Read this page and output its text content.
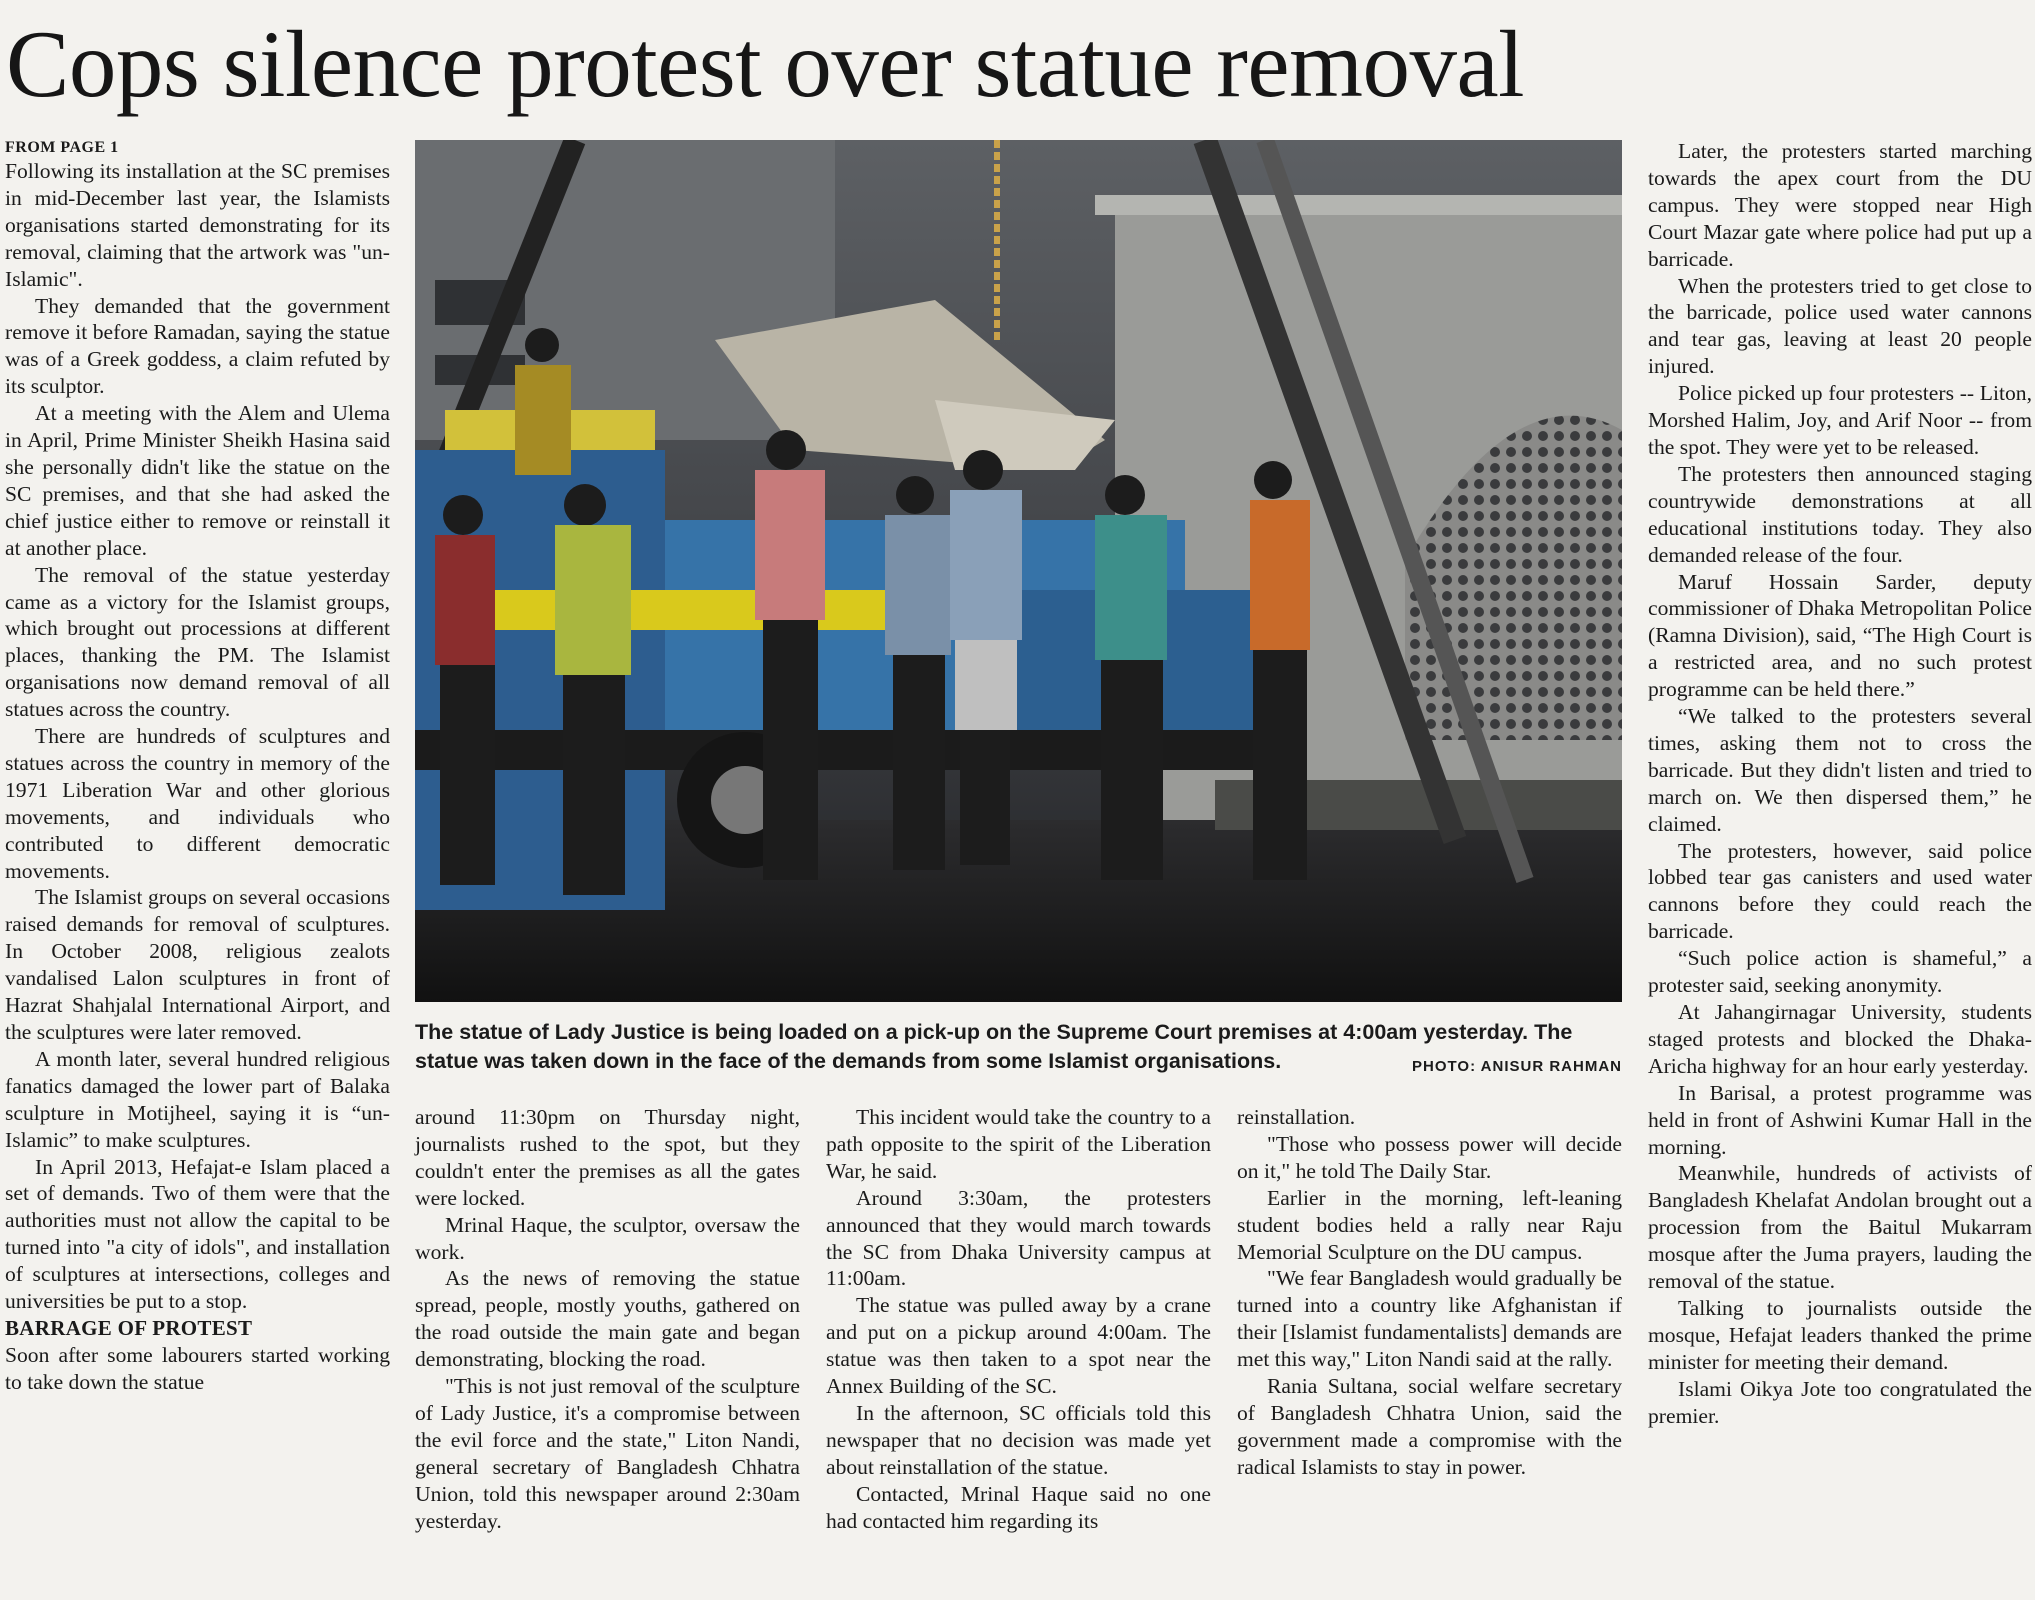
Cops silence protest over statue removal
FROM PAGE 1

Following its installation at the SC premises in mid-December last year, the Islamists organisations started demonstrating for its removal, claiming that the artwork was "un-Islamic".

They demanded that the government remove it before Ramadan, saying the statue was of a Greek goddess, a claim refuted by its sculptor.

At a meeting with the Alem and Ulema in April, Prime Minister Sheikh Hasina said she personally didn't like the statue on the SC premises, and that she had asked the chief justice either to remove or reinstall it at another place.

The removal of the statue yesterday came as a victory for the Islamist groups, which brought out processions at different places, thanking the PM. The Islamist organisations now demand removal of all statues across the country.

There are hundreds of sculptures and statues across the country in memory of the 1971 Liberation War and other glorious movements, and individuals who contributed to different democratic movements.

The Islamist groups on several occasions raised demands for removal of sculptures. In October 2008, religious zealots vandalised Lalon sculptures in front of Hazrat Shahjalal International Airport, and the sculptures were later removed.

A month later, several hundred religious fanatics damaged the lower part of Balaka sculpture in Motijheel, saying it is “un-Islamic” to make sculptures.

In April 2013, Hefajat-e Islam placed a set of demands. Two of them were that the authorities must not allow the capital to be turned into "a city of idols", and installation of sculptures at intersections, colleges and universities be put to a stop.

BARRAGE OF PROTEST

Soon after some labourers started working to take down the statue

The statue of Lady Justice is being loaded on a pick-up on the Supreme Court premises at 4:00am yesterday. The statue was taken down in the face of the demands from some Islamist organisations.	PHOTO: ANISUR RAHMAN

around 11:30pm on Thursday night, journalists rushed to the spot, but they couldn't enter the premises as all the gates were locked.

Mrinal Haque, the sculptor, oversaw the work.

As the news of removing the statue spread, people, mostly youths, gathered on the road outside the main gate and began demonstrating, blocking the road.

"This is not just removal of the sculpture of Lady Justice, it's a compromise between the evil force and the state," Liton Nandi, general secretary of Bangladesh Chhatra Union, told this newspaper around 2:30am yesterday.

This incident would take the country to a path opposite to the spirit of the Liberation War, he said.

Around 3:30am, the protesters announced that they would march towards the SC from Dhaka University campus at 11:00am.

The statue was pulled away by a crane and put on a pickup around 4:00am. The statue was then taken to a spot near the Annex Building of the SC.

In the afternoon, SC officials told this newspaper that no decision was made yet about reinstallation of the statue.

Contacted, Mrinal Haque said no one had contacted him regarding its

reinstallation.

"Those who possess power will decide on it," he told The Daily Star.

Earlier in the morning, left-leaning student bodies held a rally near Raju Memorial Sculpture on the DU campus.

"We fear Bangladesh would gradually be turned into a country like Afghanistan if their [Islamist fundamentalists] demands are met this way," Liton Nandi said at the rally.

Rania Sultana, social welfare secretary of Bangladesh Chhatra Union, said the government made a compromise with the radical Islamists to stay in power.

Later, the protesters started marching towards the apex court from the DU campus. They were stopped near High Court Mazar gate where police had put up a barricade.

When the protesters tried to get close to the barricade, police used water cannons and tear gas, leaving at least 20 people injured.

Police picked up four protesters -- Liton, Morshed Halim, Joy, and Arif Noor -- from the spot. They were yet to be released.

The protesters then announced staging countrywide demonstrations at all educational institutions today. They also demanded release of the four.

Maruf Hossain Sarder, deputy commissioner of Dhaka Metropolitan Police (Ramna Division), said, “The High Court is a restricted area, and no such protest programme can be held there.”

“We talked to the protesters several times, asking them not to cross the barricade. But they didn't listen and tried to march on. We then dispersed them,” he claimed.

The protesters, however, said police lobbed tear gas canisters and used water cannons before they could reach the barricade.

“Such police action is shameful,” a protester said, seeking anonymity.

At Jahangirnagar University, students staged protests and blocked the Dhaka-Aricha highway for an hour early yesterday.

In Barisal, a protest programme was held in front of Ashwini Kumar Hall in the morning.

Meanwhile, hundreds of activists of Bangladesh Khelafat Andolan brought out a procession from the Baitul Mukarram mosque after the Juma prayers, lauding the removal of the statue.

Talking to journalists outside the mosque, Hefajat leaders thanked the prime minister for meeting their demand.

Islami Oikya Jote too congratulated the premier.
